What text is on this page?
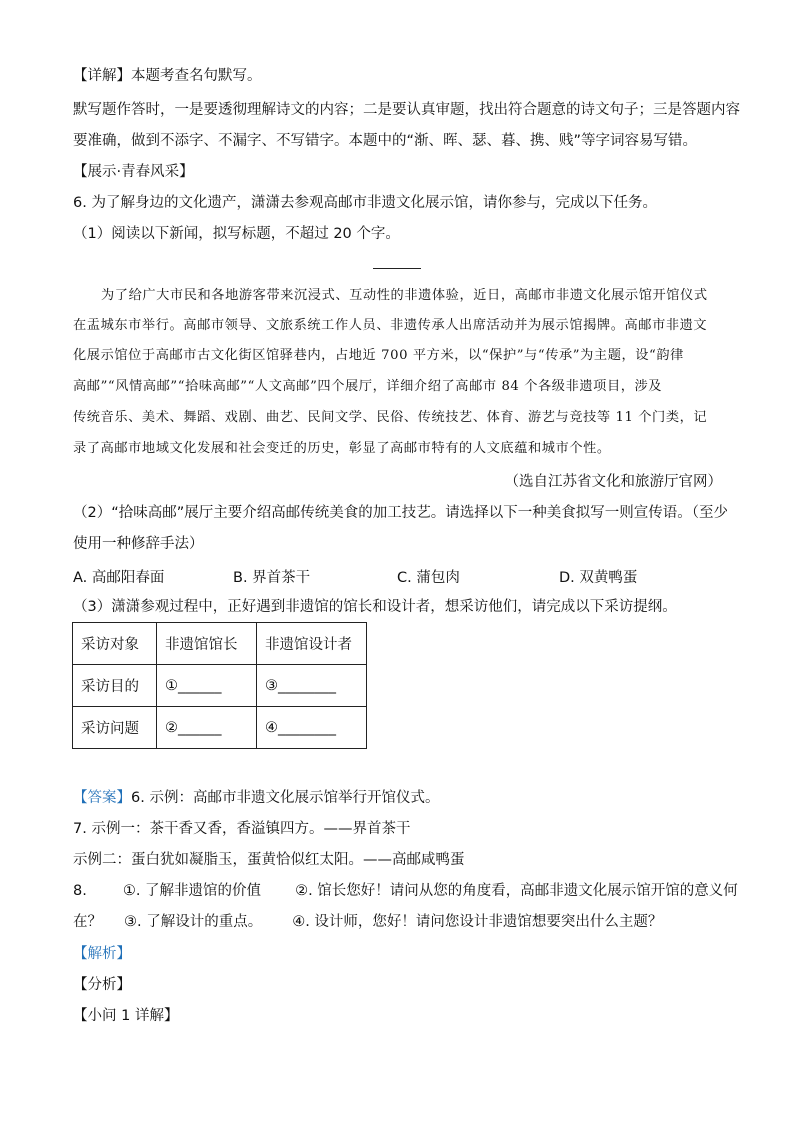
【详解】本题考查名句默写。
默写题作答时，一是要透彻理解诗文的内容；二是要认真审题，找出符合题意的诗文句子；三是答题内容
要准确，做到不添字、不漏字、不写错字。本题中的“渐、晖、瑟、暮、携、贱”等字词容易写错。
【展示·青春风采】
6. 为了解身边的文化遗产，潇潇去参观高邮市非遗文化展示馆，请你参与，完成以下任务。
（1）阅读以下新闻，拟写标题，不超过 20 个字。
为了给广大市民和各地游客带来沉浸式、互动性的非遗体验，近日，高邮市非遗文化展示馆开馆仪式
在盂城东市举行。高邮市领导、文旅系统工作人员、非遗传承人出席活动并为展示馆揭牌。高邮市非遗文
化展示馆位于高邮市古文化街区馆驿巷内，占地近 700 平方米，以“保护”与“传承”为主题，设“韵律
高邮”“风情高邮”“拾味高邮”“人文高邮”四个展厅，详细介绍了高邮市 84 个各级非遗项目，涉及
传统音乐、美术、舞蹈、戏剧、曲艺、民间文学、民俗、传统技艺、体育、游艺与竞技等 11 个门类，记
录了高邮市地域文化发展和社会变迁的历史，彰显了高邮市特有的人文底蕴和城市个性。
（选自江苏省文化和旅游厅官网）
（2）“拾味高邮”展厅主要介绍高邮传统美食的加工技艺。请选择以下一种美食拟写一则宣传语。（至少
使用一种修辞手法）
A. 高邮阳春面	B. 界首茶干	C. 蒲包肉	D. 双黄鸭蛋
（3）潇潇参观过程中，正好遇到非遗馆的馆长和设计者，想采访他们，请完成以下采访提纲。
采访对象	非遗馆馆长	非遗馆设计者
采访目的	①______	③________
采访问题	②______	④________
【答案】6. 示例：高邮市非遗文化展示馆举行开馆仪式。
7. 示例一：茶干香又香，香溢镇四方。——界首茶干
示例二：蛋白犹如凝脂玉，蛋黄恰似红太阳。——高邮咸鸭蛋
8. ①. 了解非遗馆的价值 ②. 馆长您好！请问从您的角度看，高邮非遗文化展示馆开馆的意义何
在？ ③. 了解设计的重点。 ④. 设计师，您好！请问您设计非遗馆想要突出什么主题？
【解析】
【分析】
【小问 1 详解】
